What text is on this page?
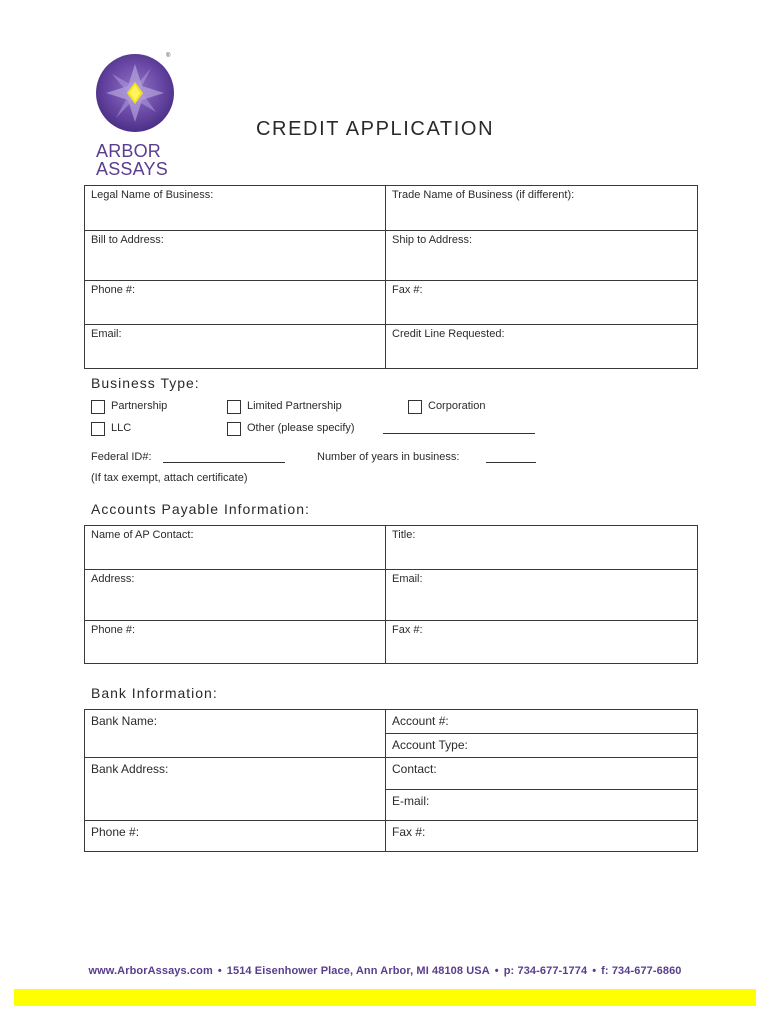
®
ARBOR
ASSAYS
CREDIT APPLICATION
Legal Name of Business:	Trade Name of Business (if different):

Bill to Address:	Ship to Address:

Phone #:	Fax #:

Email:	Credit Line Requested:
Business Type:
Partnership	Limited Partnership	Corporation
LLC	Other (please specify)
Federal ID#:	Number of years in business:
(If tax exempt, attach certificate)
Accounts Payable Information:
Name of AP Contact:	Title:

Address:	Email:

Phone #:	Fax #:
Bank Information:
Bank Name:	Account #:

	Account Type:

Bank Address:	Contact:

	E-mail:

Phone #:	Fax #:
www.ArborAssays.com • 1514 Eisenhower Place, Ann Arbor, MI 48108 USA • p: 734-677-1774 • f: 734-677-6860
